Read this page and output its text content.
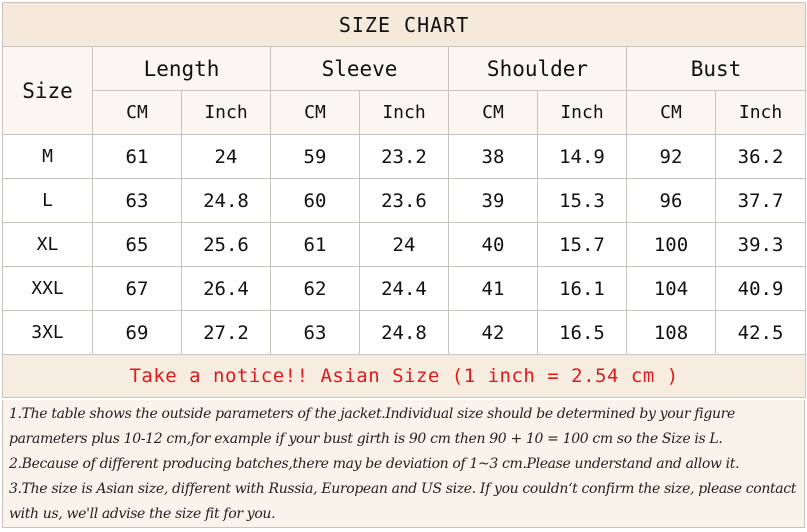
SIZE CHART								
Size	Length		Sleeve		Shoulder		Bust	
	CM	Inch	CM	Inch	CM	Inch	CM	Inch
M	61	24	59	23.2	38	14.9	92	36.2
L	63	24.8	60	23.6	39	15.3	96	37.7
XL	65	25.6	61	24	40	15.7	100	39.3
XXL	67	26.4	62	24.4	41	16.1	104	40.9
3XL	69	27.2	63	24.8	42	16.5	108	42.5
Take a notice!! Asian Size (1 inch = 2.54 cm )								

1.The table shows the outside parameters of the jacket.Individual size should be determined by your figure parameters plus 10-12 cm,for example if your bust girth is 90 cm then 90 + 10 = 100 cm so the Size is L.

2.Because of different producing batches,there may be deviation of 1~3 cm.Please understand and allow it.

3.The size is Asian size, different with Russia, European and US size. If you couldn‘t confirm the size, please contact with us, we'll advise the size fit for you.
